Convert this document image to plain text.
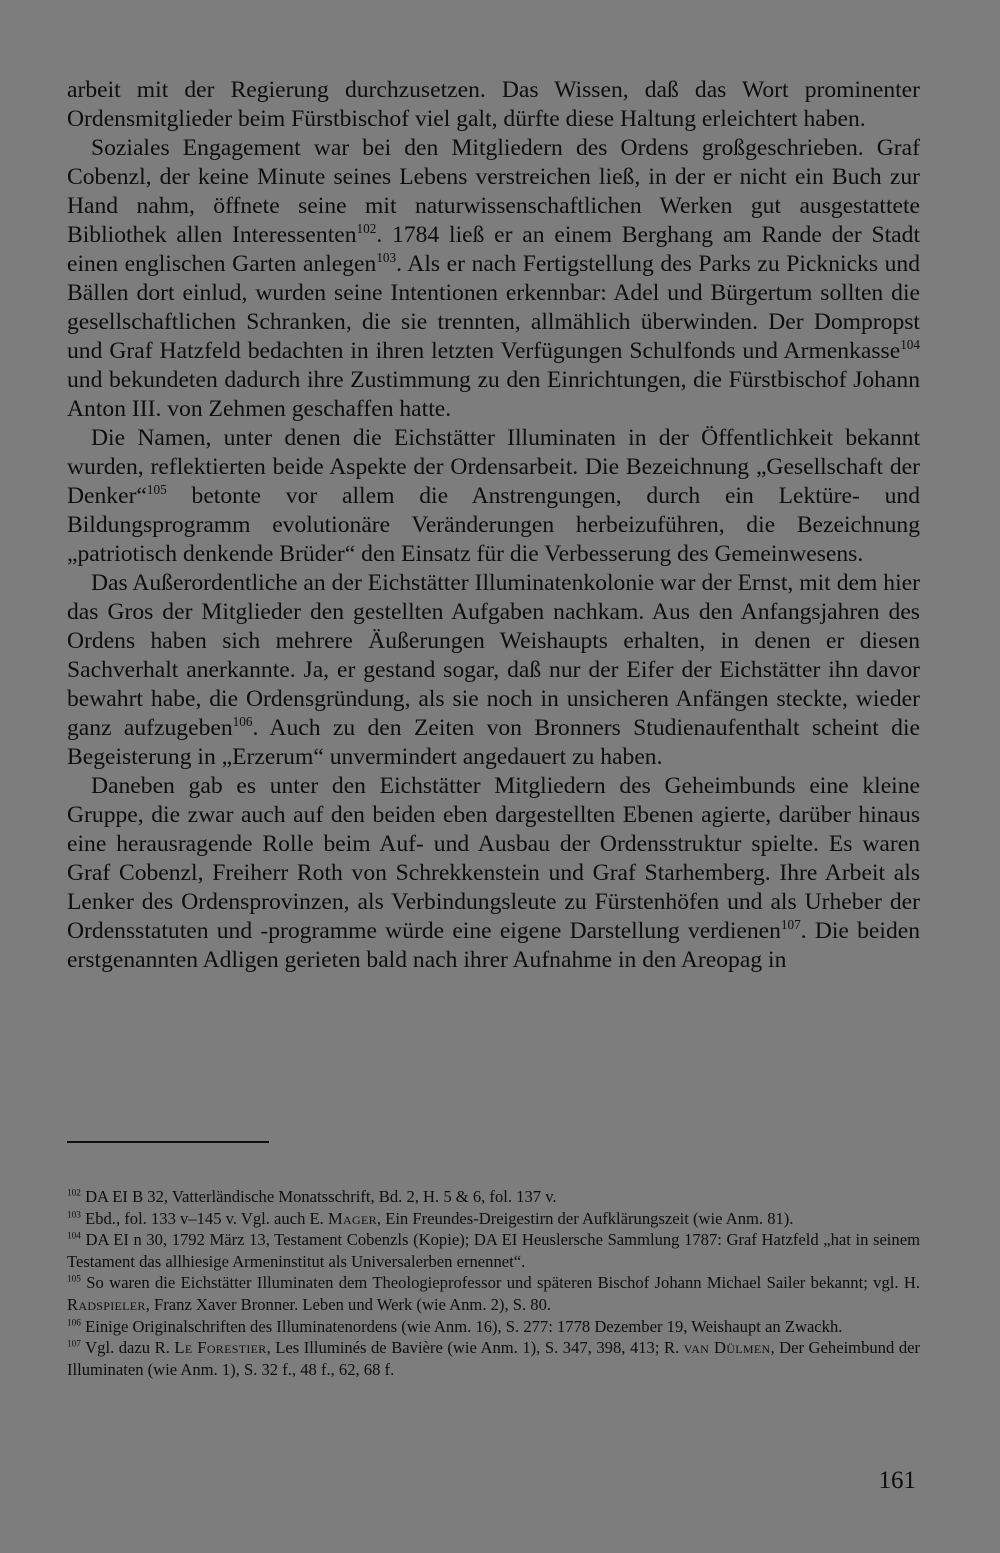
arbeit mit der Regierung durchzusetzen. Das Wissen, daß das Wort prominenter Ordensmitglieder beim Fürstbischof viel galt, dürfte diese Haltung erleichtert haben.

Soziales Engagement war bei den Mitgliedern des Ordens großgeschrieben. Graf Cobenzl, der keine Minute seines Lebens verstreichen ließ, in der er nicht ein Buch zur Hand nahm, öffnete seine mit naturwissenschaftlichen Werken gut ausgestattete Bibliothek allen Interessenten$^{102}$. 1784 ließ er an einem Berghang am Rande der Stadt einen englischen Garten anlegen$^{103}$. Als er nach Fertigstellung des Parks zu Picknicks und Bällen dort einlud, wurden seine Intentionen erkennbar: Adel und Bürgertum sollten die gesellschaftlichen Schranken, die sie trennten, allmählich überwinden. Der Dompropst und Graf Hatzfeld bedachten in ihren letzten Verfügungen Schulfonds und Armenkasse$^{104}$ und bekundeten dadurch ihre Zustimmung zu den Einrichtungen, die Fürstbischof Johann Anton III. von Zehmen geschaffen hatte.

Die Namen, unter denen die Eichstätter Illuminaten in der Öffentlichkeit bekannt wurden, reflektierten beide Aspekte der Ordensarbeit. Die Bezeichnung „Gesellschaft der Denker“$^{105}$ betonte vor allem die Anstrengungen, durch ein Lektüre- und Bildungsprogramm evolutionäre Veränderungen herbeizuführen, die Bezeichnung „patriotisch denkende Brüder“ den Einsatz für die Verbesserung des Gemeinwesens.

Das Außerordentliche an der Eichstätter Illuminatenkolonie war der Ernst, mit dem hier das Gros der Mitglieder den gestellten Aufgaben nachkam. Aus den Anfangsjahren des Ordens haben sich mehrere Äußerungen Weishaupts erhalten, in denen er diesen Sachverhalt anerkannte. Ja, er gestand sogar, daß nur der Eifer der Eichstätter ihn davor bewahrt habe, die Ordensgründung, als sie noch in unsicheren Anfängen steckte, wieder ganz aufzugeben$^{106}$. Auch zu den Zeiten von Bronners Studienaufenthalt scheint die Begeisterung in „Erzerum“ unvermindert angedauert zu haben.

Daneben gab es unter den Eichstätter Mitgliedern des Geheimbunds eine kleine Gruppe, die zwar auch auf den beiden eben dargestellten Ebenen agierte, darüber hinaus eine herausragende Rolle beim Auf- und Ausbau der Ordensstruktur spielte. Es waren Graf Cobenzl, Freiherr Roth von Schrekkenstein und Graf Starhemberg. Ihre Arbeit als Lenker des Ordensprovinzen, als Verbindungsleute zu Fürstenhöfen und als Urheber der Ordensstatuten und -programme würde eine eigene Darstellung verdienen$^{107}$. Die beiden erstgenannten Adligen gerieten bald nach ihrer Aufnahme in den Areopag in

$^{102}$ DA EI B 32, Vatterländische Monatsschrift, Bd. 2, H. 5 & 6, fol. 137 v.

$^{103}$ Ebd., fol. 133 v–145 v. Vgl. auch E. Mager, Ein Freundes-Dreigestirn der Aufklärungszeit (wie Anm. 81).

$^{104}$ DA EI n 30, 1792 März 13, Testament Cobenzls (Kopie); DA EI Heuslersche Sammlung 1787: Graf Hatzfeld „hat in seinem Testament das allhiesige Armeninstitut als Universalerben ernennet“.

$^{105}$ So waren die Eichstätter Illuminaten dem Theologieprofessor und späteren Bischof Johann Michael Sailer bekannt; vgl. H. Radspieler, Franz Xaver Bronner. Leben und Werk (wie Anm. 2), S. 80.

$^{106}$ Einige Originalschriften des Illuminatenordens (wie Anm. 16), S. 277: 1778 Dezember 19, Weishaupt an Zwackh.

$^{107}$ Vgl. dazu R. Le Forestier, Les Illuminés de Bavière (wie Anm. 1), S. 347, 398, 413; R. van Dülmen, Der Geheimbund der Illuminaten (wie Anm. 1), S. 32 f., 48 f., 62, 68 f.

161
